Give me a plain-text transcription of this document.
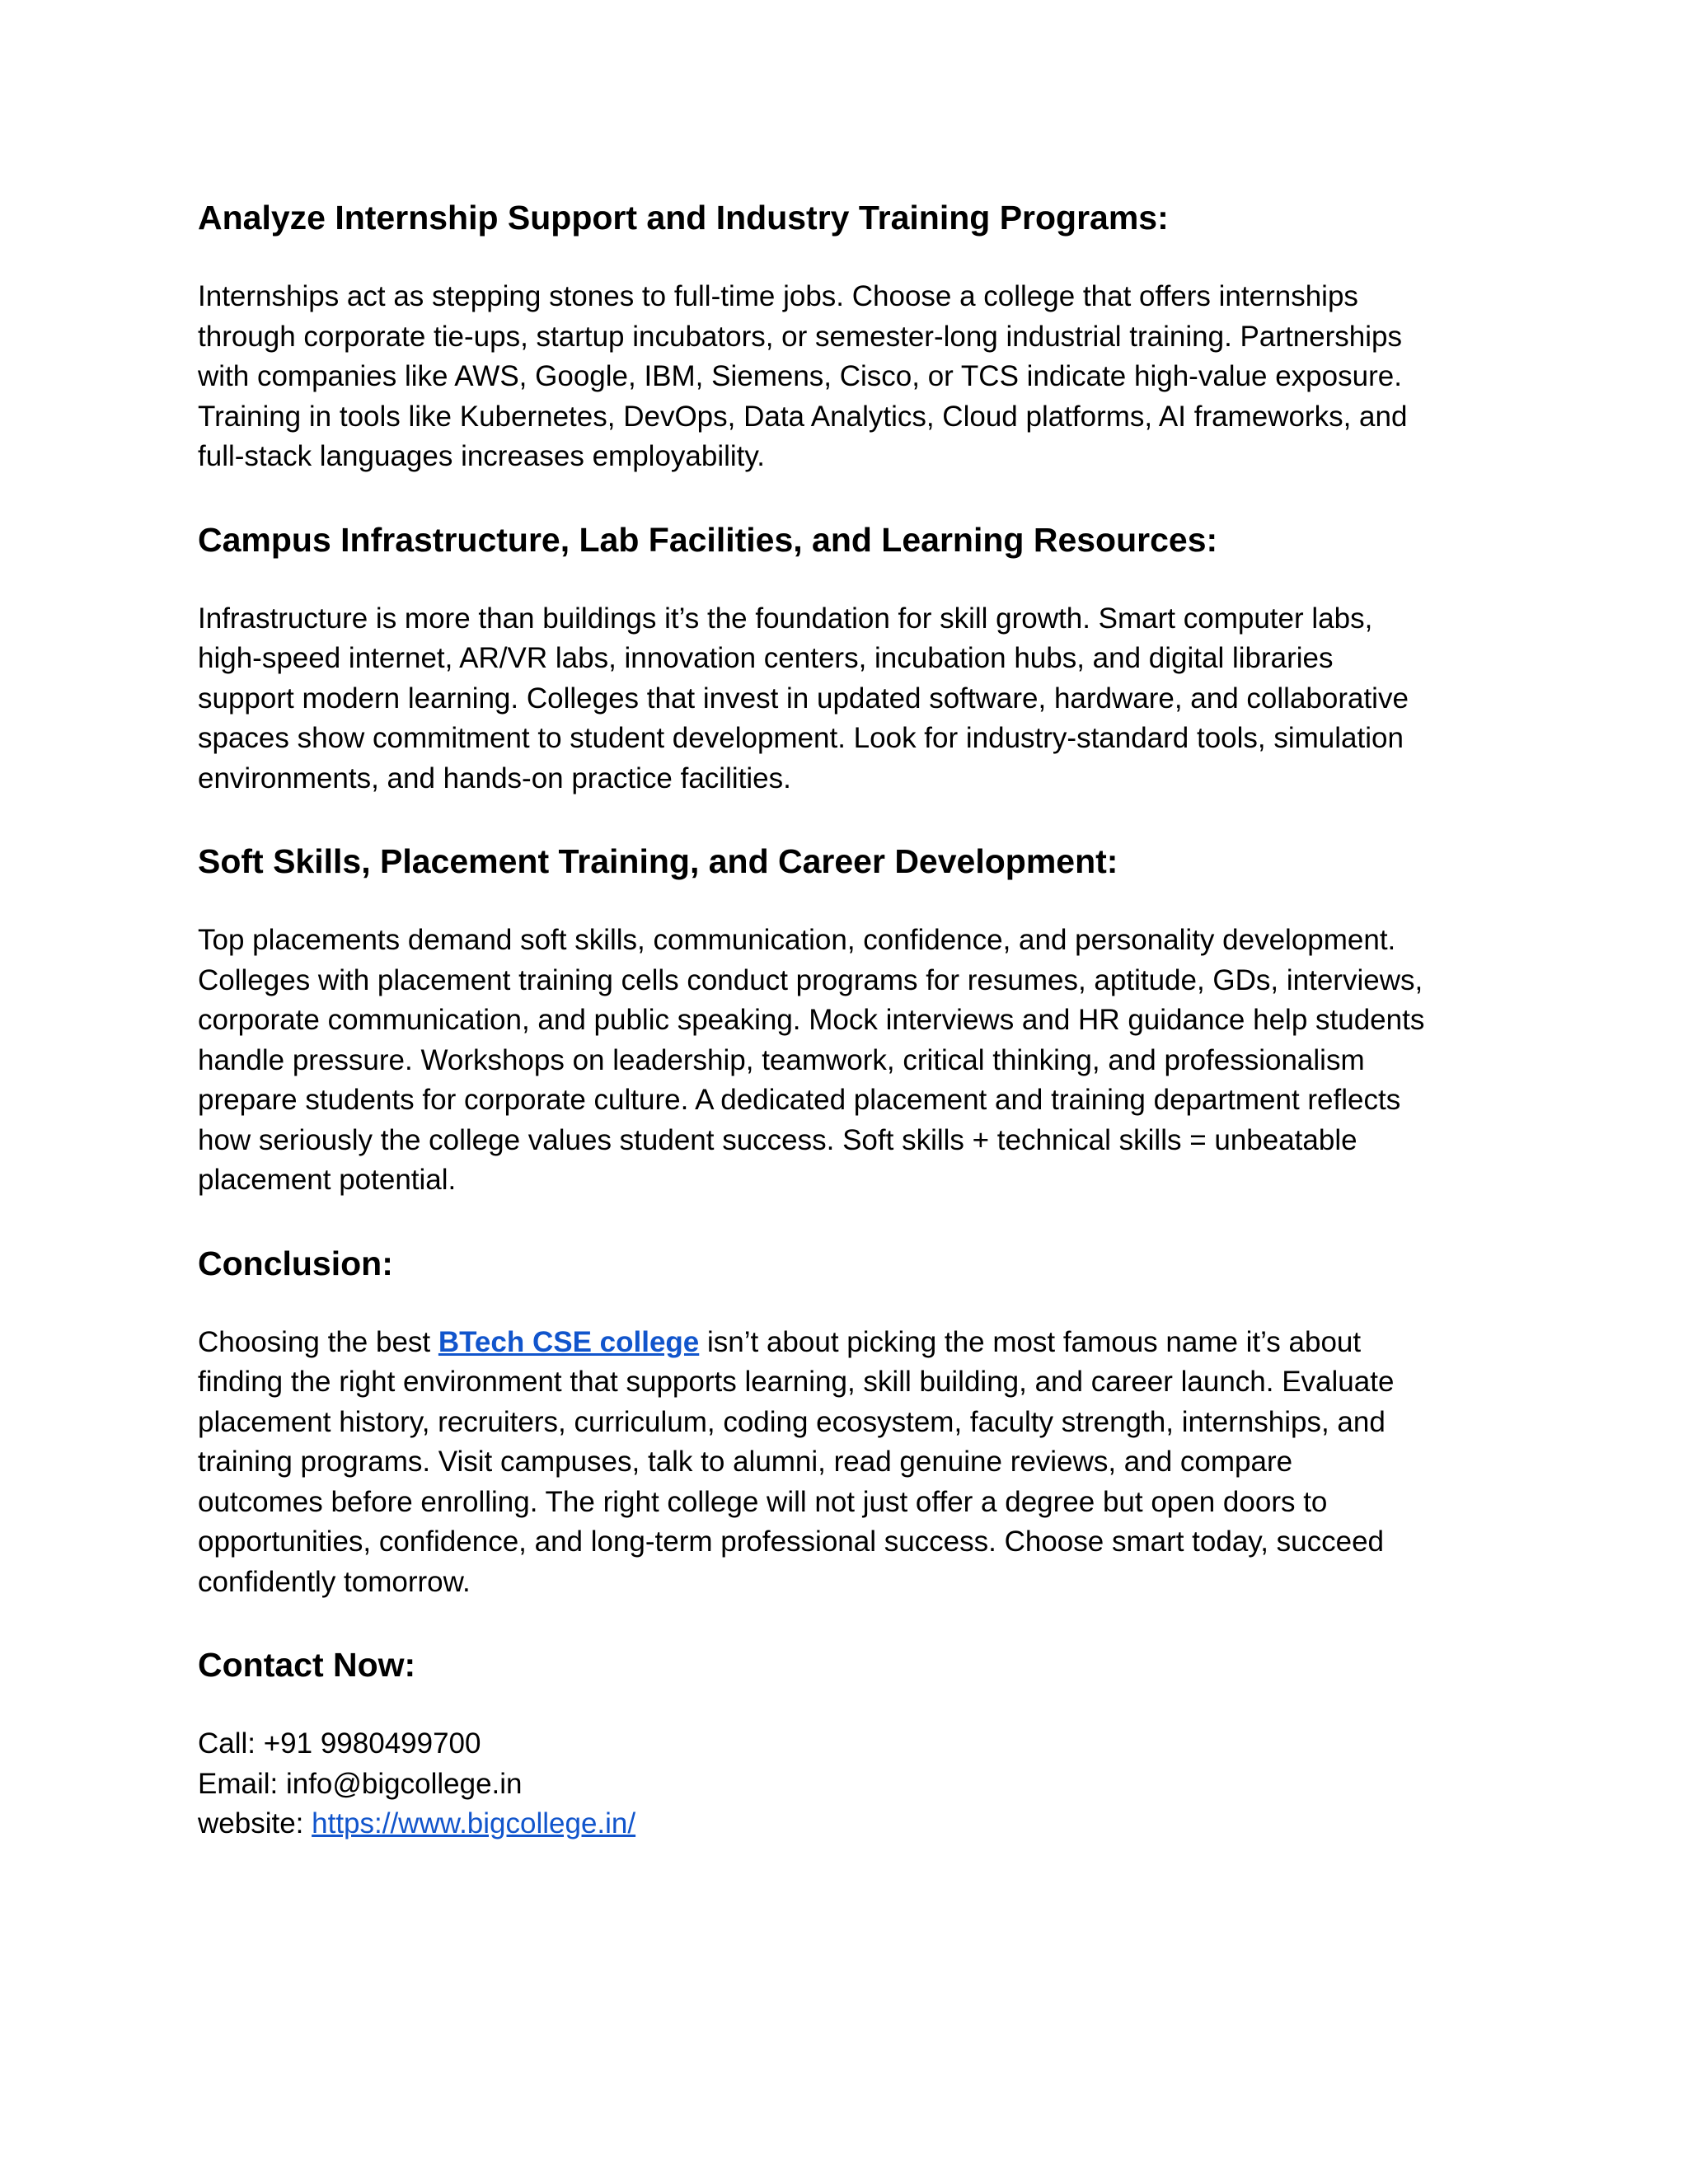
Analyze Internship Support and Industry Training Programs:

Internships act as stepping stones to full-time jobs. Choose a college that offers internships
through corporate tie-ups, startup incubators, or semester-long industrial training. Partnerships
with companies like AWS, Google, IBM, Siemens, Cisco, or TCS indicate high-value exposure.
Training in tools like Kubernetes, DevOps, Data Analytics, Cloud platforms, AI frameworks, and
full-stack languages increases employability.

Campus Infrastructure, Lab Facilities, and Learning Resources:

Infrastructure is more than buildings it’s the foundation for skill growth. Smart computer labs,
high-speed internet, AR/VR labs, innovation centers, incubation hubs, and digital libraries
support modern learning. Colleges that invest in updated software, hardware, and collaborative
spaces show commitment to student development. Look for industry-standard tools, simulation
environments, and hands-on practice facilities.

Soft Skills, Placement Training, and Career Development:

Top placements demand soft skills, communication, confidence, and personality development.
Colleges with placement training cells conduct programs for resumes, aptitude, GDs, interviews,
corporate communication, and public speaking. Mock interviews and HR guidance help students
handle pressure. Workshops on leadership, teamwork, critical thinking, and professionalism
prepare students for corporate culture. A dedicated placement and training department reflects
how seriously the college values student success. Soft skills + technical skills = unbeatable
placement potential.

Conclusion:

Choosing the best BTech CSE college isn’t about picking the most famous name it’s about
finding the right environment that supports learning, skill building, and career launch. Evaluate
placement history, recruiters, curriculum, coding ecosystem, faculty strength, internships, and
training programs. Visit campuses, talk to alumni, read genuine reviews, and compare
outcomes before enrolling. The right college will not just offer a degree but open doors to
opportunities, confidence, and long-term professional success. Choose smart today, succeed
confidently tomorrow.

Contact Now:

Call: +91 9980499700
Email: info@bigcollege.in
website: https://www.bigcollege.in/
